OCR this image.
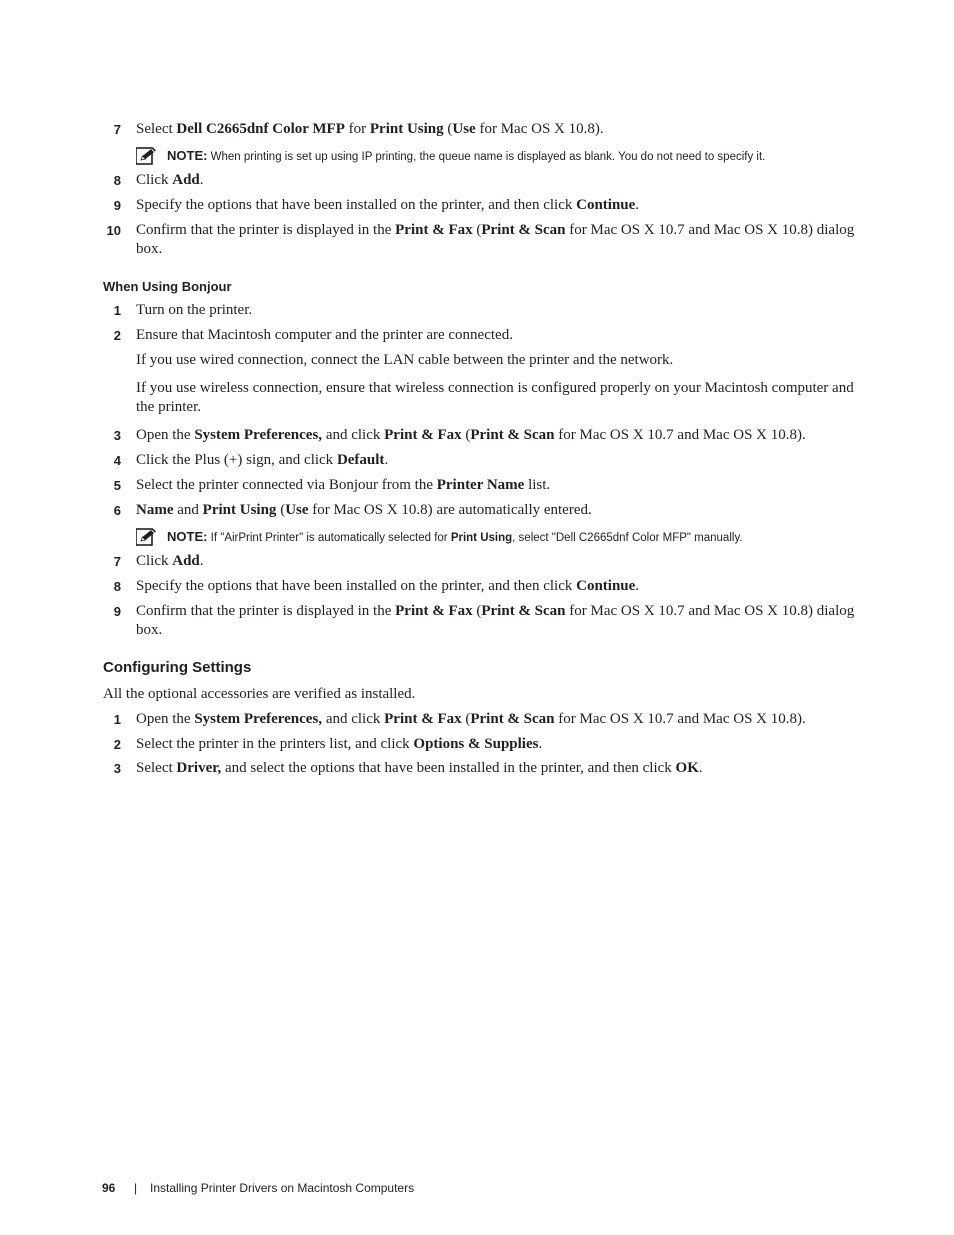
7 Select Dell C2665dnf Color MFP for Print Using (Use for Mac OS X 10.8).
NOTE: When printing is set up using IP printing, the queue name is displayed as blank. You do not need to specify it.
8 Click Add.
9 Specify the options that have been installed on the printer, and then click Continue.
10 Confirm that the printer is displayed in the Print & Fax (Print & Scan for Mac OS X 10.7 and Mac OS X 10.8) dialog box.
When Using Bonjour
1 Turn on the printer.
2 Ensure that Macintosh computer and the printer are connected.
If you use wired connection, connect the LAN cable between the printer and the network.
If you use wireless connection, ensure that wireless connection is configured properly on your Macintosh computer and the printer.
3 Open the System Preferences, and click Print & Fax (Print & Scan for Mac OS X 10.7 and Mac OS X 10.8).
4 Click the Plus (+) sign, and click Default.
5 Select the printer connected via Bonjour from the Printer Name list.
6 Name and Print Using (Use for Mac OS X 10.8) are automatically entered.
NOTE: If "AirPrint Printer" is automatically selected for Print Using, select "Dell C2665dnf Color MFP" manually.
7 Click Add.
8 Specify the options that have been installed on the printer, and then click Continue.
9 Confirm that the printer is displayed in the Print & Fax (Print & Scan for Mac OS X 10.7 and Mac OS X 10.8) dialog box.
Configuring Settings
All the optional accessories are verified as installed.
1 Open the System Preferences, and click Print & Fax (Print & Scan for Mac OS X 10.7 and Mac OS X 10.8).
2 Select the printer in the printers list, and click Options & Supplies.
3 Select Driver, and select the options that have been installed in the printer, and then click OK.
96 | Installing Printer Drivers on Macintosh Computers
